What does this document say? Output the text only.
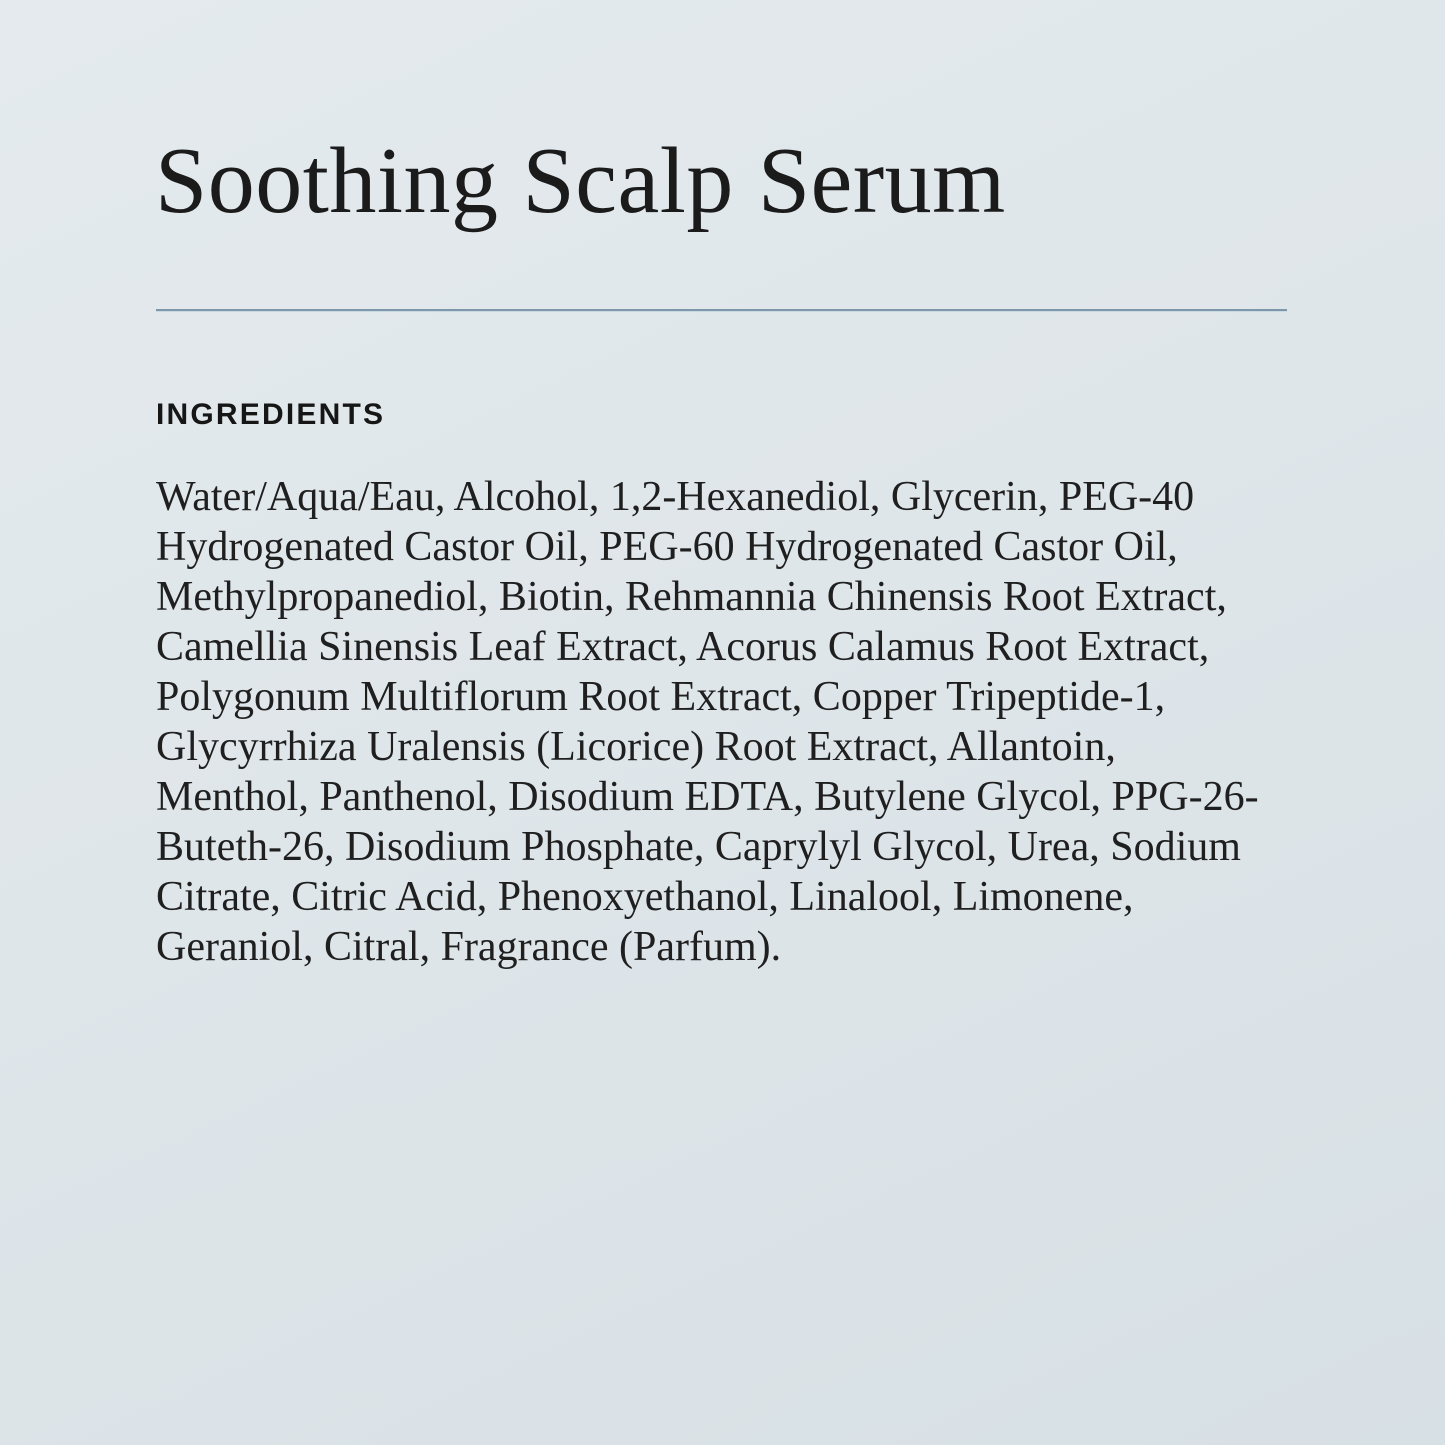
Soothing Scalp Serum
INGREDIENTS
Water/Aqua/Eau, Alcohol, 1,2-Hexanediol, Glycerin, PEG-40
Hydrogenated Castor Oil, PEG-60 Hydrogenated Castor Oil,
Methylpropanediol, Biotin, Rehmannia Chinensis Root Extract,
Camellia Sinensis Leaf Extract, Acorus Calamus Root Extract,
Polygonum Multiflorum Root Extract, Copper Tripeptide-1,
Glycyrrhiza Uralensis (Licorice) Root Extract, Allantoin,
Menthol, Panthenol, Disodium EDTA, Butylene Glycol, PPG-26-
Buteth-26, Disodium Phosphate, Caprylyl Glycol, Urea, Sodium
Citrate, Citric Acid, Phenoxyethanol, Linalool, Limonene,
Geraniol, Citral, Fragrance (Parfum).
